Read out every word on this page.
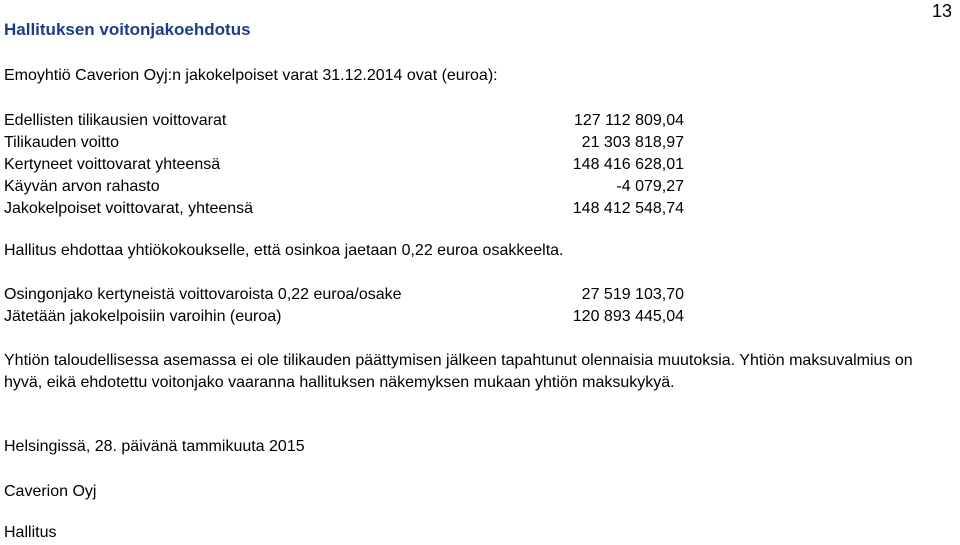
13
Hallituksen voitonjakoehdotus
Emoyhtiö Caverion Oyj:n jakokelpoiset varat 31.12.2014 ovat (euroa):
Edellisten tilikausien voittovarat	127 112 809,04
Tilikauden voitto	21 303 818,97
Kertyneet voittovarat yhteensä	148 416 628,01
Käyvän arvon rahasto	-4 079,27
Jakokelpoiset voittovarat, yhteensä	148 412 548,74
Hallitus ehdottaa yhtiökokoukselle, että osinkoa jaetaan 0,22 euroa osakkeelta.
Osingonjako kertyneistä voittovaroista 0,22 euroa/osake	27 519 103,70
Jätetään jakokelpoisiin varoihin (euroa)	120 893 445,04
Yhtiön taloudellisessa asemassa ei ole tilikauden päättymisen jälkeen tapahtunut olennaisia muutoksia. Yhtiön maksuvalmius on hyvä, eikä ehdotettu voitonjako vaaranna hallituksen näkemyksen mukaan yhtiön maksukykyä.
Helsingissä, 28. päivänä tammikuuta 2015
Caverion Oyj
Hallitus
